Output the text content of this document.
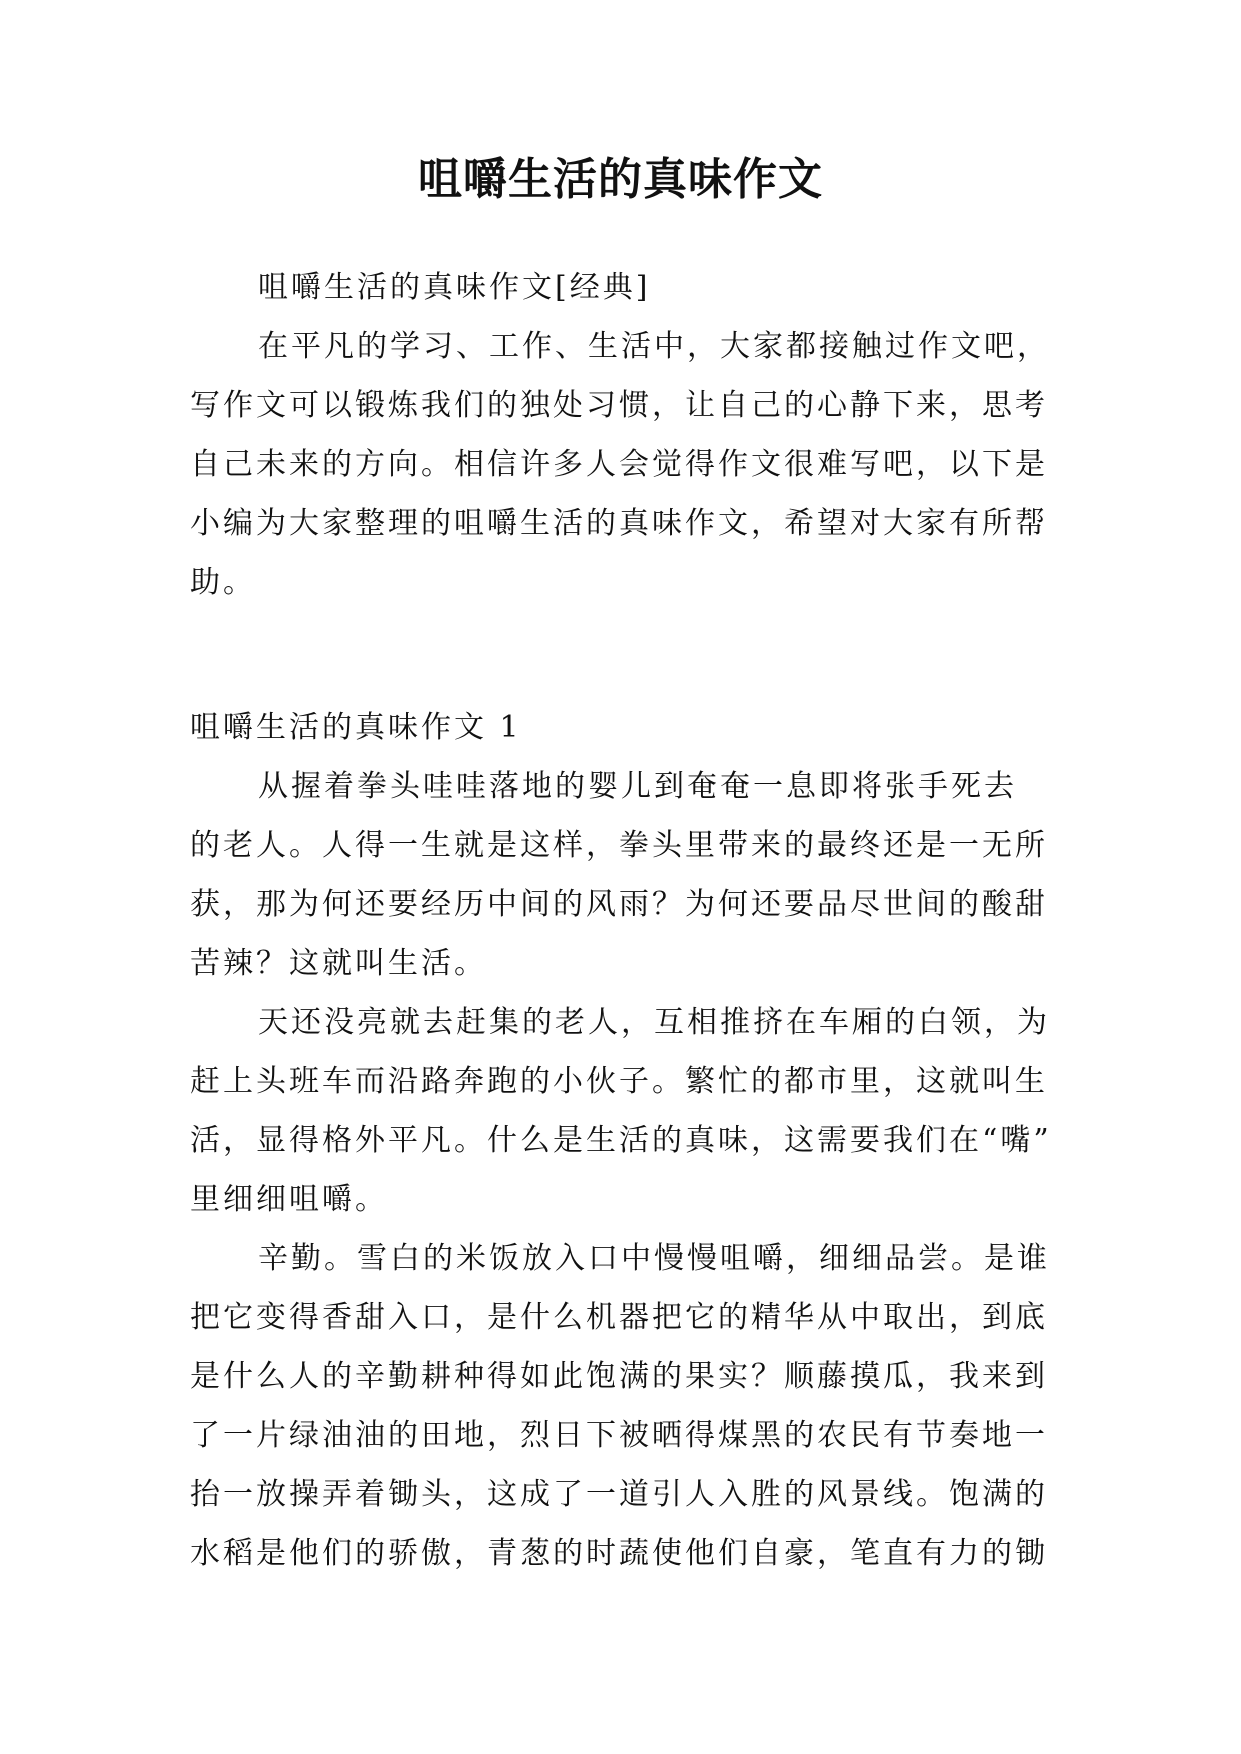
咀嚼生活的真味作文
咀嚼生活的真味作文[经典]
在平凡的学习、工作、生活中，大家都接触过作文吧，
写作文可以锻炼我们的独处习惯，让自己的心静下来，思考
自己未来的方向。相信许多人会觉得作文很难写吧，以下是
小编为大家整理的咀嚼生活的真味作文，希望对大家有所帮
助。
咀嚼生活的真味作文 1
从握着拳头哇哇落地的婴儿到奄奄一息即将张手死去
的老人。人得一生就是这样，拳头里带来的最终还是一无所
获，那为何还要经历中间的风雨？为何还要品尽世间的酸甜
苦辣？这就叫生活。
天还没亮就去赶集的老人，互相推挤在车厢的白领，为
赶上头班车而沿路奔跑的小伙子。繁忙的都市里，这就叫生
活，显得格外平凡。什么是生活的真味，这需要我们在“嘴”
里细细咀嚼。
辛勤。雪白的米饭放入口中慢慢咀嚼，细细品尝。是谁
把它变得香甜入口，是什么机器把它的精华从中取出，到底
是什么人的辛勤耕种得如此饱满的果实？顺藤摸瓜，我来到
了一片绿油油的田地，烈日下被晒得煤黑的农民有节奏地一
抬一放操弄着锄头，这成了一道引人入胜的风景线。饱满的
水稻是他们的骄傲，青葱的时蔬使他们自豪，笔直有力的锄
